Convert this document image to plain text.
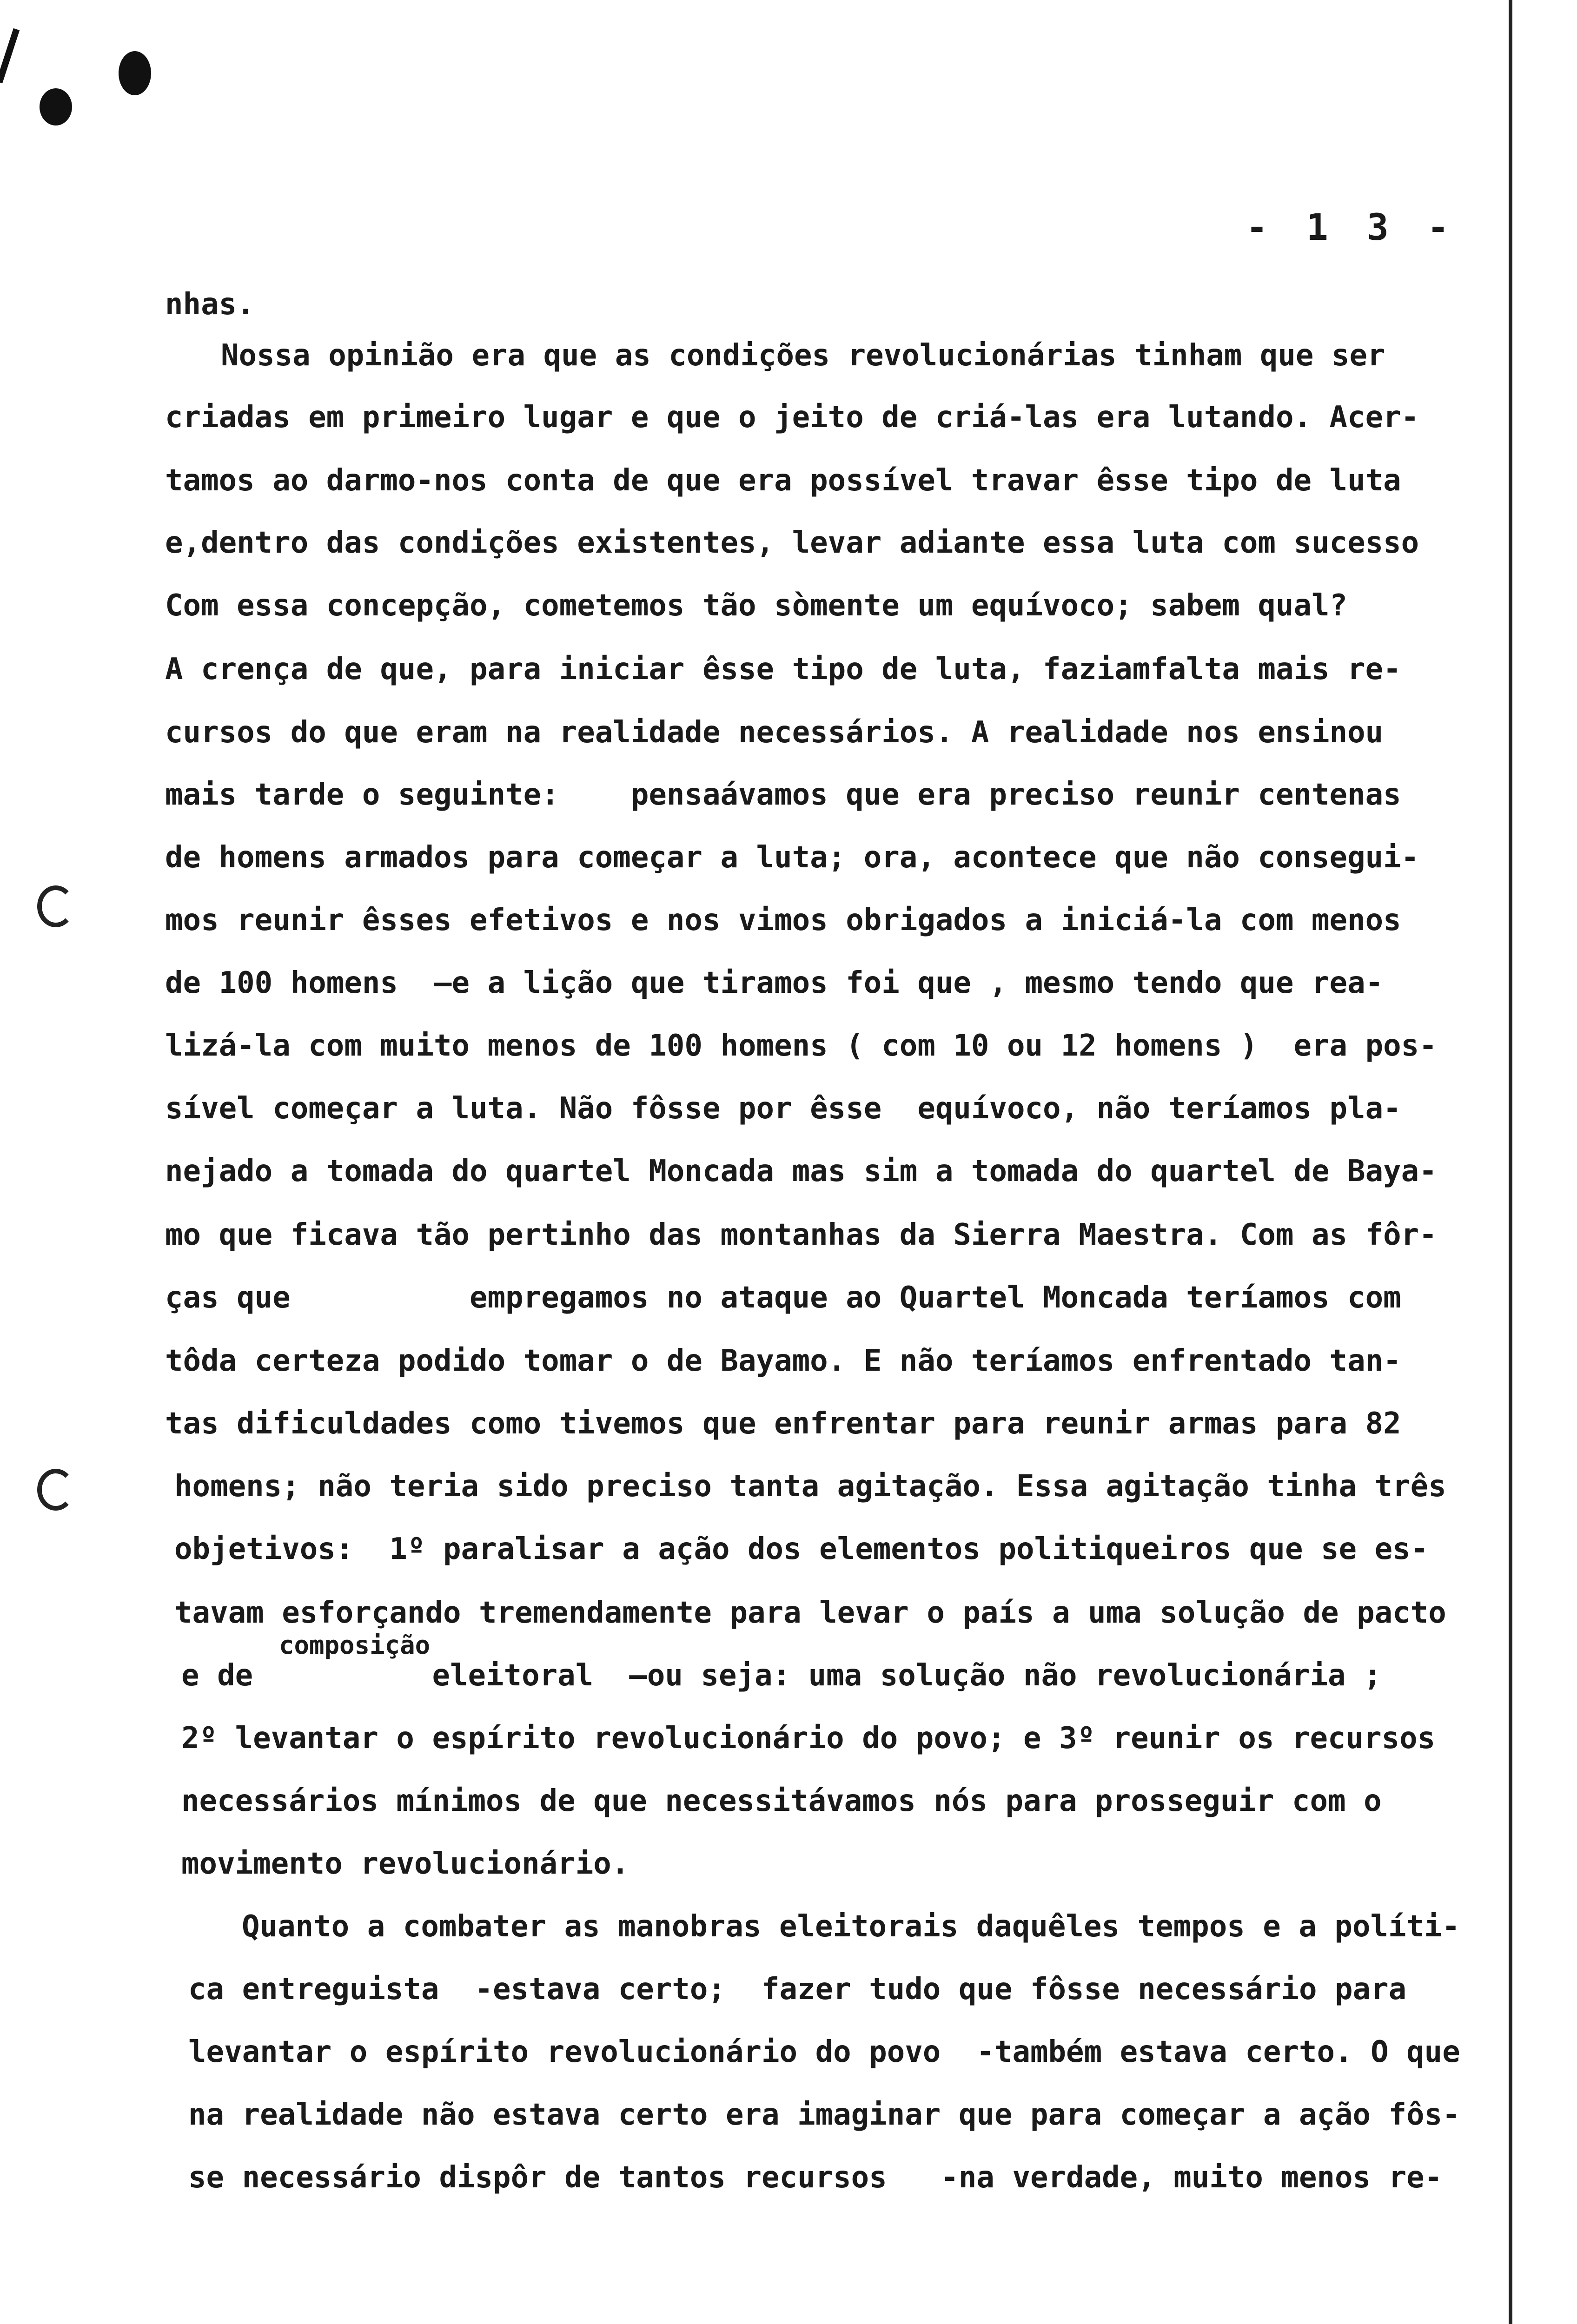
- 1 3 -
nhas.
Nossa opinião era que as condições revolucionárias tinham que ser
criadas em primeiro lugar e que o jeito de criá-las era lutando. Acer-
tamos ao darmo-nos conta de que era possível travar êsse tipo de luta
e,dentro das condições existentes, levar adiante essa luta com sucesso
Com essa concepção, cometemos tão sòmente um equívoco; sabem qual?
A crença de que, para iniciar êsse tipo de luta, faziamfalta mais re-
cursos do que eram na realidade necessários. A realidade nos ensinou
mais tarde o seguinte:    pensaávamos que era preciso reunir centenas
de homens armados para começar a luta; ora, acontece que não consegui-
mos reunir êsses efetivos e nos vimos obrigados a iniciá-la com menos
de 100 homens  —e a lição que tiramos foi que , mesmo tendo que rea-
lizá-la com muito menos de 100 homens ( com 10 ou 12 homens )  era pos-
sível começar a luta. Não fôsse por êsse  equívoco, não teríamos pla-
nejado a tomada do quartel Moncada mas sim a tomada do quartel de Baya-
mo que ficava tão pertinho das montanhas da Sierra Maestra. Com as fôr-
ças que          empregamos no ataque ao Quartel Moncada teríamos com
tôda certeza podido tomar o de Bayamo. E não teríamos enfrentado tan-
tas dificuldades como tivemos que enfrentar para reunir armas para 82
homens; não teria sido preciso tanta agitação. Essa agitação tinha três
objetivos:  1º paralisar a ação dos elementos politiqueiros que se es-
tavam esforçando tremendamente para levar o país a uma solução de pacto
composição
e de          eleitoral  —ou seja: uma solução não revolucionária ;
2º levantar o espírito revolucionário do povo; e 3º reunir os recursos
necessários mínimos de que necessitávamos nós para prosseguir com o
movimento revolucionário.
Quanto a combater as manobras eleitorais daquêles tempos e a políti-
ca entreguista  -estava certo;  fazer tudo que fôsse necessário para
levantar o espírito revolucionário do povo  -também estava certo. O que
na realidade não estava certo era imaginar que para começar a ação fôs-
se necessário dispôr de tantos recursos   -na verdade, muito menos re-
